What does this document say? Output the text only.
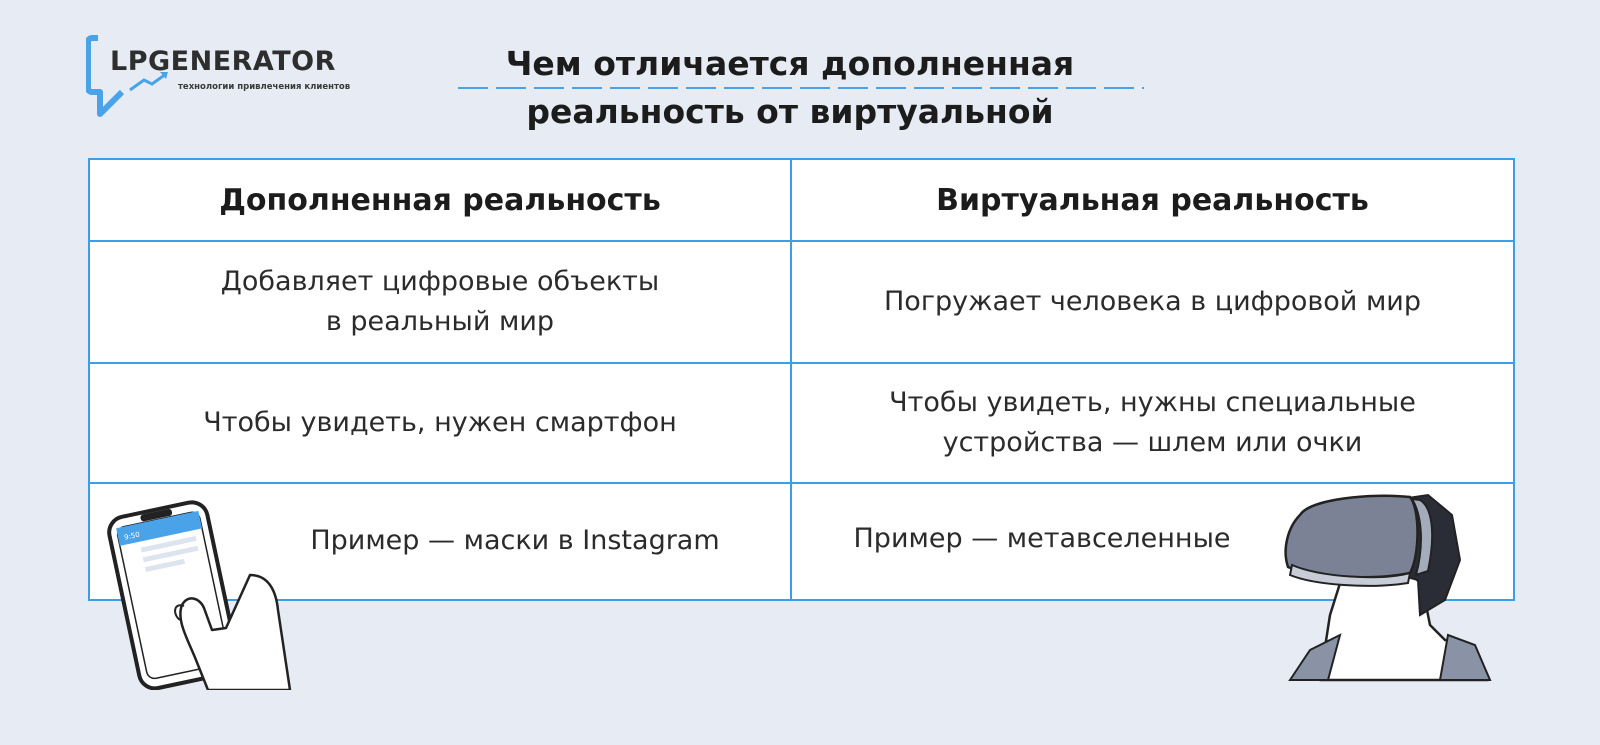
LPGENERATOR
технологии привлечения клиентов
Чем отличается дополненная реальность от виртуальной
Дополненная реальность	Виртуальная реальность
Добавляет цифровые объекты
в реальный мир
Погружает человека в цифровой мир
Чтобы увидеть, нужен смартфон
Чтобы увидеть, нужны специальные
устройства — шлем или очки
Пример — маски в Instagram	Пример — метавселенные
9:50
